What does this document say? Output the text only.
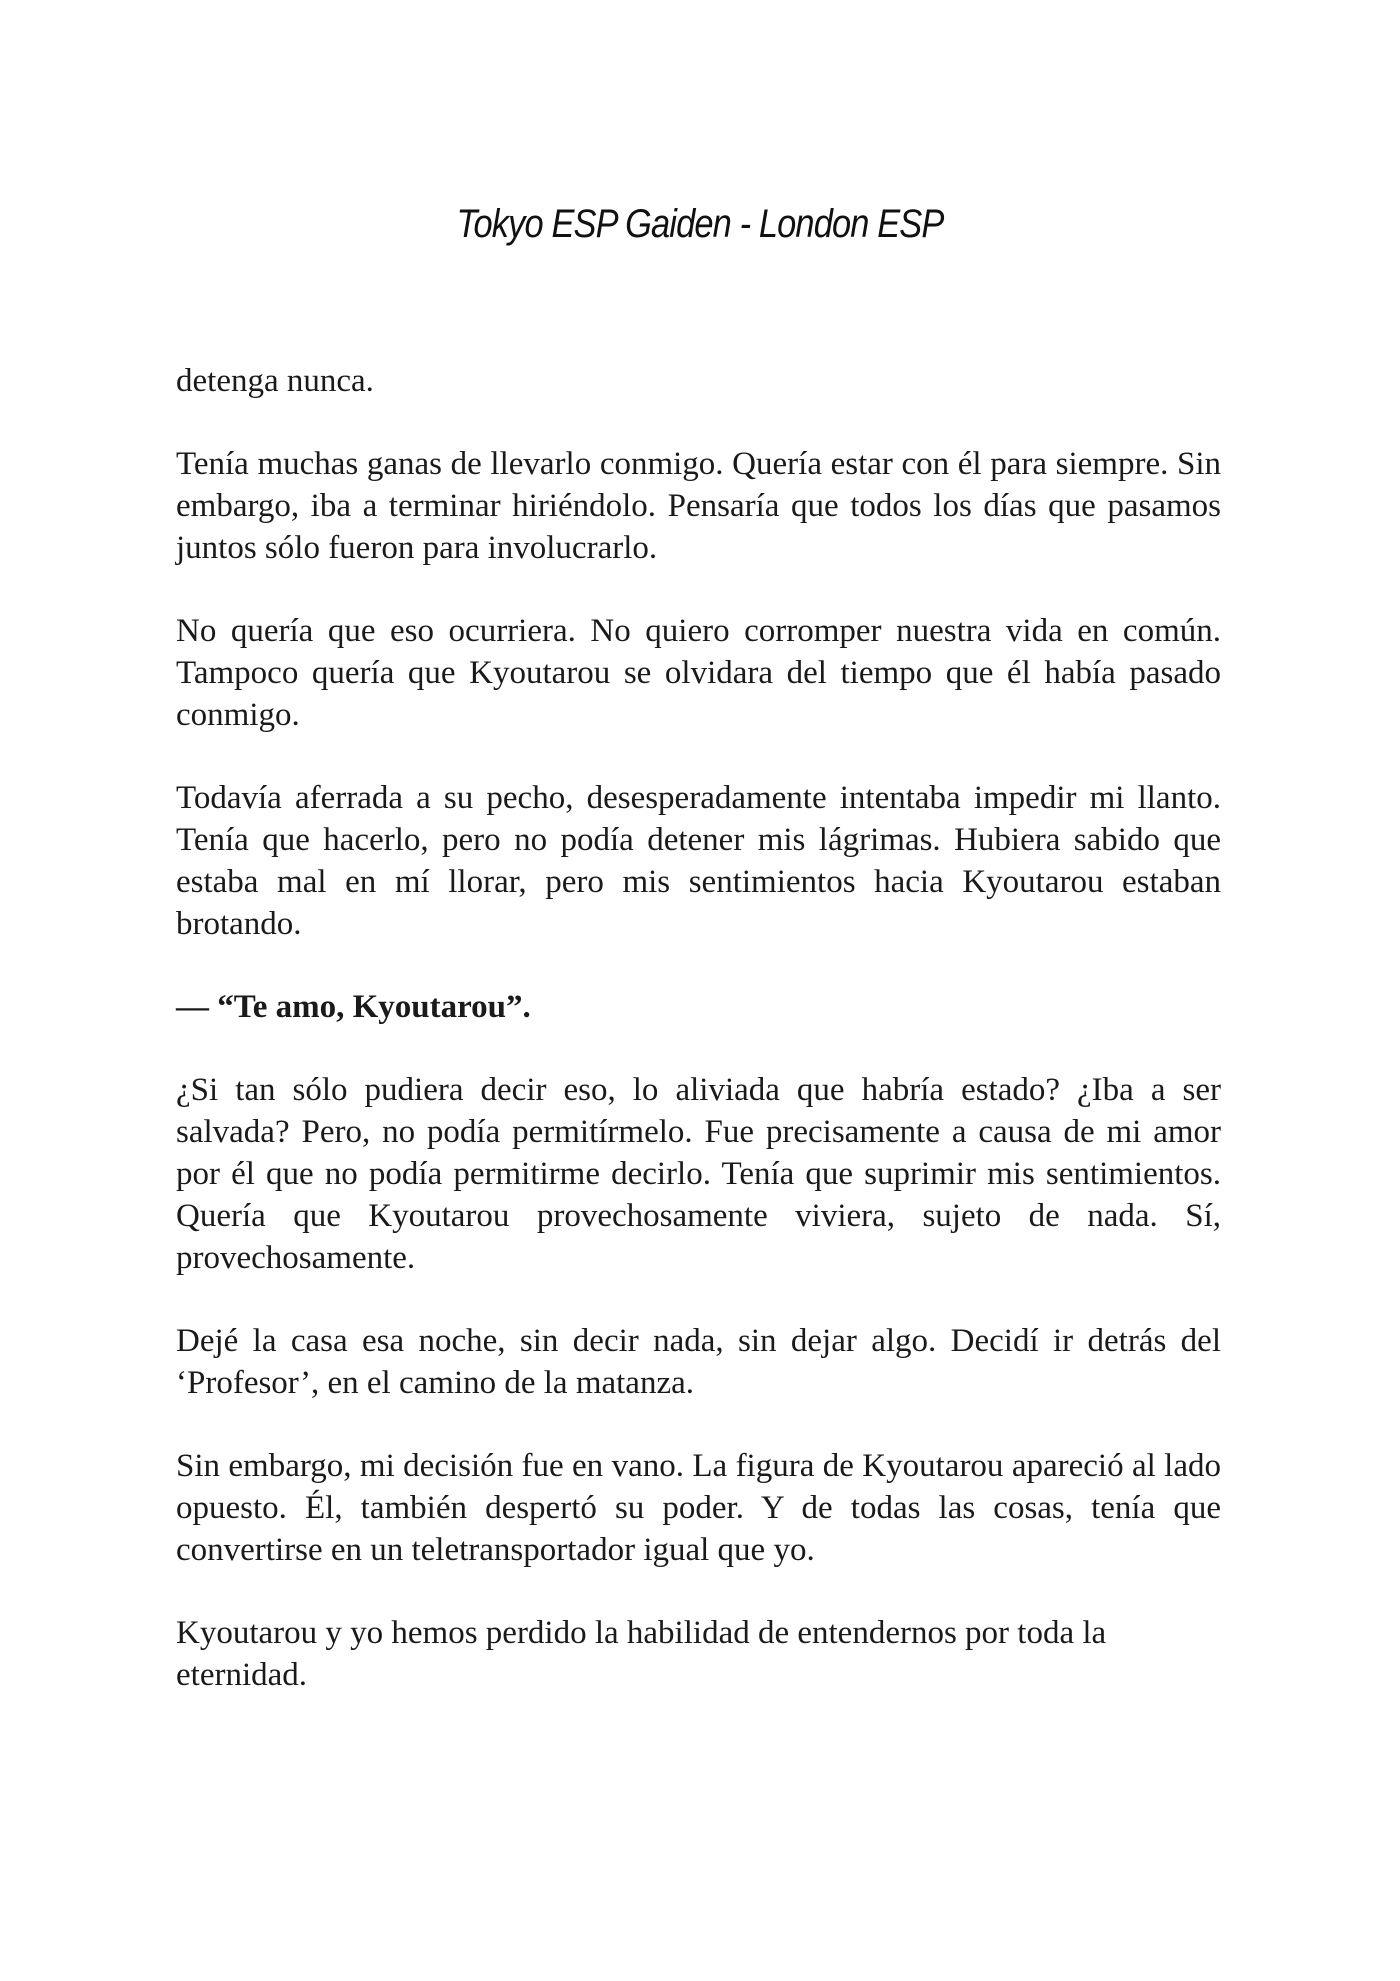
Tokyo ESP Gaiden - London ESP

detenga nunca.

Tenía muchas ganas de llevarlo conmigo. Quería estar con él para siempre. Sin embargo, iba a terminar hiriéndolo. Pensaría que todos los días que pasamos juntos sólo fueron para involucrarlo.

No quería que eso ocurriera. No quiero corromper nuestra vida en común. Tampoco quería que Kyoutarou se olvidara del tiempo que él había pasado conmigo.

Todavía aferrada a su pecho, desesperadamente intentaba impedir mi llanto. Tenía que hacerlo, pero no podía detener mis lágrimas. Hubiera sabido que estaba mal en mí llorar, pero mis sentimientos hacia Kyoutarou estaban brotando.

— “Te amo, Kyoutarou”.

¿Si tan sólo pudiera decir eso, lo aliviada que habría estado? ¿Iba a ser salvada? Pero, no podía permitírmelo. Fue precisamente a causa de mi amor por él que no podía permitirme decirlo. Tenía que suprimir mis sentimientos. Quería que Kyoutarou provechosamente viviera, sujeto de nada. Sí, provechosamente.

Dejé la casa esa noche, sin decir nada, sin dejar algo. Decidí ir detrás del ‘Profesor’, en el camino de la matanza.

Sin embargo, mi decisión fue en vano. La figura de Kyoutarou apareció al lado opuesto. Él, también despertó su poder. Y de todas las cosas, tenía que convertirse en un teletransportador igual que yo.

Kyoutarou y yo hemos perdido la habilidad de entendernos por toda la eternidad.
